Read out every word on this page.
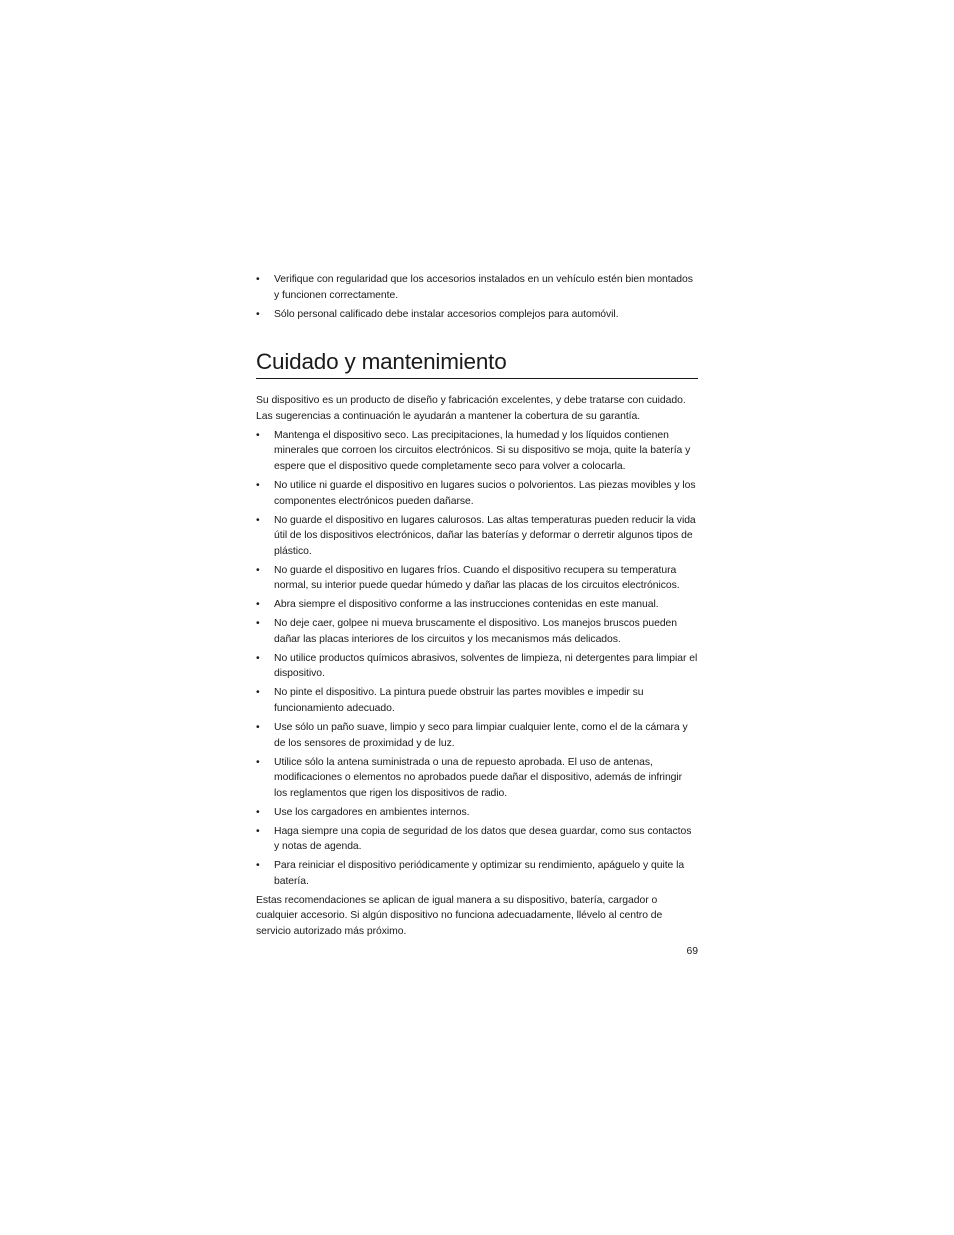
• Verifique con regularidad que los accesorios instalados en un vehículo estén bien montados y funcionen correctamente.
• Sólo personal calificado debe instalar accesorios complejos para automóvil.
Cuidado y mantenimiento

Su dispositivo es un producto de diseño y fabricación excelentes, y debe tratarse con cuidado. Las sugerencias a continuación le ayudarán a mantener la cobertura de su garantía.

• Mantenga el dispositivo seco. Las precipitaciones, la humedad y los líquidos contienen minerales que corroen los circuitos electrónicos. Si su dispositivo se moja, quite la batería y espere que el dispositivo quede completamente seco para volver a colocarla.
• No utilice ni guarde el dispositivo en lugares sucios o polvorientos. Las piezas movibles y los componentes electrónicos pueden dañarse.
• No guarde el dispositivo en lugares calurosos. Las altas temperaturas pueden reducir la vida útil de los dispositivos electrónicos, dañar las baterías y deformar o derretir algunos tipos de plástico.
• No guarde el dispositivo en lugares fríos. Cuando el dispositivo recupera su temperatura normal, su interior puede quedar húmedo y dañar las placas de los circuitos electrónicos.
• Abra siempre el dispositivo conforme a las instrucciones contenidas en este manual.
• No deje caer, golpee ni mueva bruscamente el dispositivo. Los manejos bruscos pueden dañar las placas interiores de los circuitos y los mecanismos más delicados.
• No utilice productos químicos abrasivos, solventes de limpieza, ni detergentes para limpiar el dispositivo.
• No pinte el dispositivo. La pintura puede obstruir las partes movibles e impedir su funcionamiento adecuado.
• Use sólo un paño suave, limpio y seco para limpiar cualquier lente, como el de la cámara y de los sensores de proximidad y de luz.
• Utilice sólo la antena suministrada o una de repuesto aprobada. El uso de antenas, modificaciones o elementos no aprobados puede dañar el dispositivo, además de infringir los reglamentos que rigen los dispositivos de radio.
• Use los cargadores en ambientes internos.
• Haga siempre una copia de seguridad de los datos que desea guardar, como sus contactos y notas de agenda.
• Para reiniciar el dispositivo periódicamente y optimizar su rendimiento, apáguelo y quite la batería.

Estas recomendaciones se aplican de igual manera a su dispositivo, batería, cargador o cualquier accesorio. Si algún dispositivo no funciona adecuadamente, llévelo al centro de servicio autorizado más próximo.

69
